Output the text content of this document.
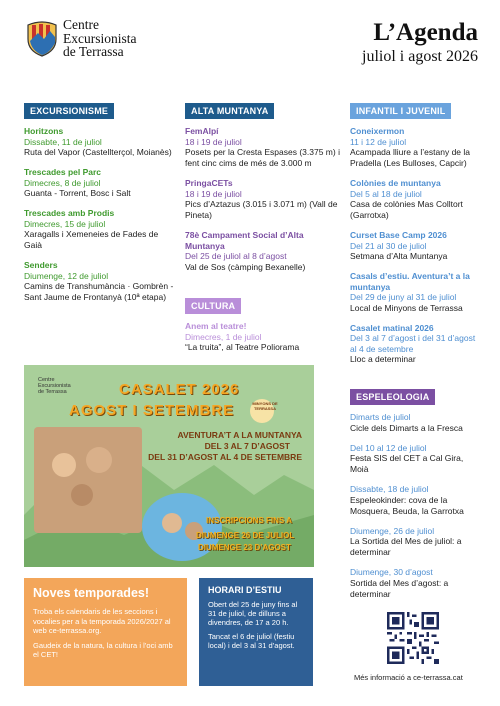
Centre
Excursionista
de Terrassa
L’Agenda
juliol i agost 2026
EXCURSIONISME
Horitzons
Dissabte, 11 de juliol
Ruta del Vapor (Castellterçol, Moianès)
Trescades pel Parc
Dimecres, 8 de juliol
Guanta - Torrent, Bosc i Salt
Trescades amb Prodis
Dimecres, 15 de juliol
Xaragalls i Xemeneies de Fades de Gaià
Senders
Diumenge, 12 de juliol
Camins de Transhumància · Gombrèn - Sant Jaume de Frontanyà (10ª etapa)
ALTA MUNTANYA
FemAlpí
18 i 19 de juliol
Posets per la Cresta Espases (3.375 m) i fent cinc cims de més de 3.000 m
PringaCETs
18 i 19 de juliol
Pics d’Aztazus (3.015 i 3.071 m) (Vall de Pineta)
78è Campament Social d’Alta Muntanya
Del 25 de juliol al 8 d’agost
Val de Sos (càmping Bexanelle)
CULTURA
Anem al teatre!
Dimecres, 1 de juliol
“La truita”, al Teatre Poliorama
INFANTIL I JUVENIL
Coneixermon
11 i 12 de juliol
Acampada lliure a l’estany de la Pradella (Les Bulloses, Capcir)
Colònies de muntanya
Del 5 al 18 de juliol
Casa de colònies Mas Colltort (Garrotxa)
Curset Base Camp 2026
Del 21 al 30 de juliol
Setmana d’Alta Muntanya
Casals d’estiu. Aventura’t a la muntanya
Del 29 de juny al 31 de juliol
Local de Minyons de Terrassa
Casalet matinal 2026
Del 3 al 7 d’agost i del 31 d’agost al 4 de setembre
Lloc a determinar
ESPELEOLOGIA
Dimarts de juliol
Cicle dels Dimarts a la Fresca
Del 10 al 12 de juliol
Festa SIS del CET a Cal Gira, Moià
Dissabte, 18 de juliol
Espeleokinder: cova de la Mosquera, Beuda, la Garrotxa
Diumenge, 26 de juliol
La Sortida del Mes de juliol: a determinar
Diumenge, 30 d’agost
Sortida del Mes d’agost: a determinar
Centre
Excursionista
de Terrassa
MINYONS DE TERRASSA
CASALET 2026
AGOST I SETEMBRE
AVENTURA’T A LA MUNTANYA
DEL 3 AL 7 D’AGOST
DEL 31 D’AGOST AL 4 DE SETEMBRE
INSCRIPCIONS FINS A
DIUMENGE 26 DE JULIOL
DIUMENGE 23 D’AGOST
Noves temporades!
Troba els calendaris de les seccions i vocalies per a la temporada 2026/2027 al web ce-terrassa.org.
Gaudeix de la natura, la cultura i l’oci amb el CET!
HORARI D’ESTIU
Obert del 25 de juny fins al 31 de juliol, de dilluns a divendres, de 17 a 20 h.
Tancat el 6 de juliol (festiu local) i del 3 al 31 d’agost.
Més informació a ce-terrassa.cat
